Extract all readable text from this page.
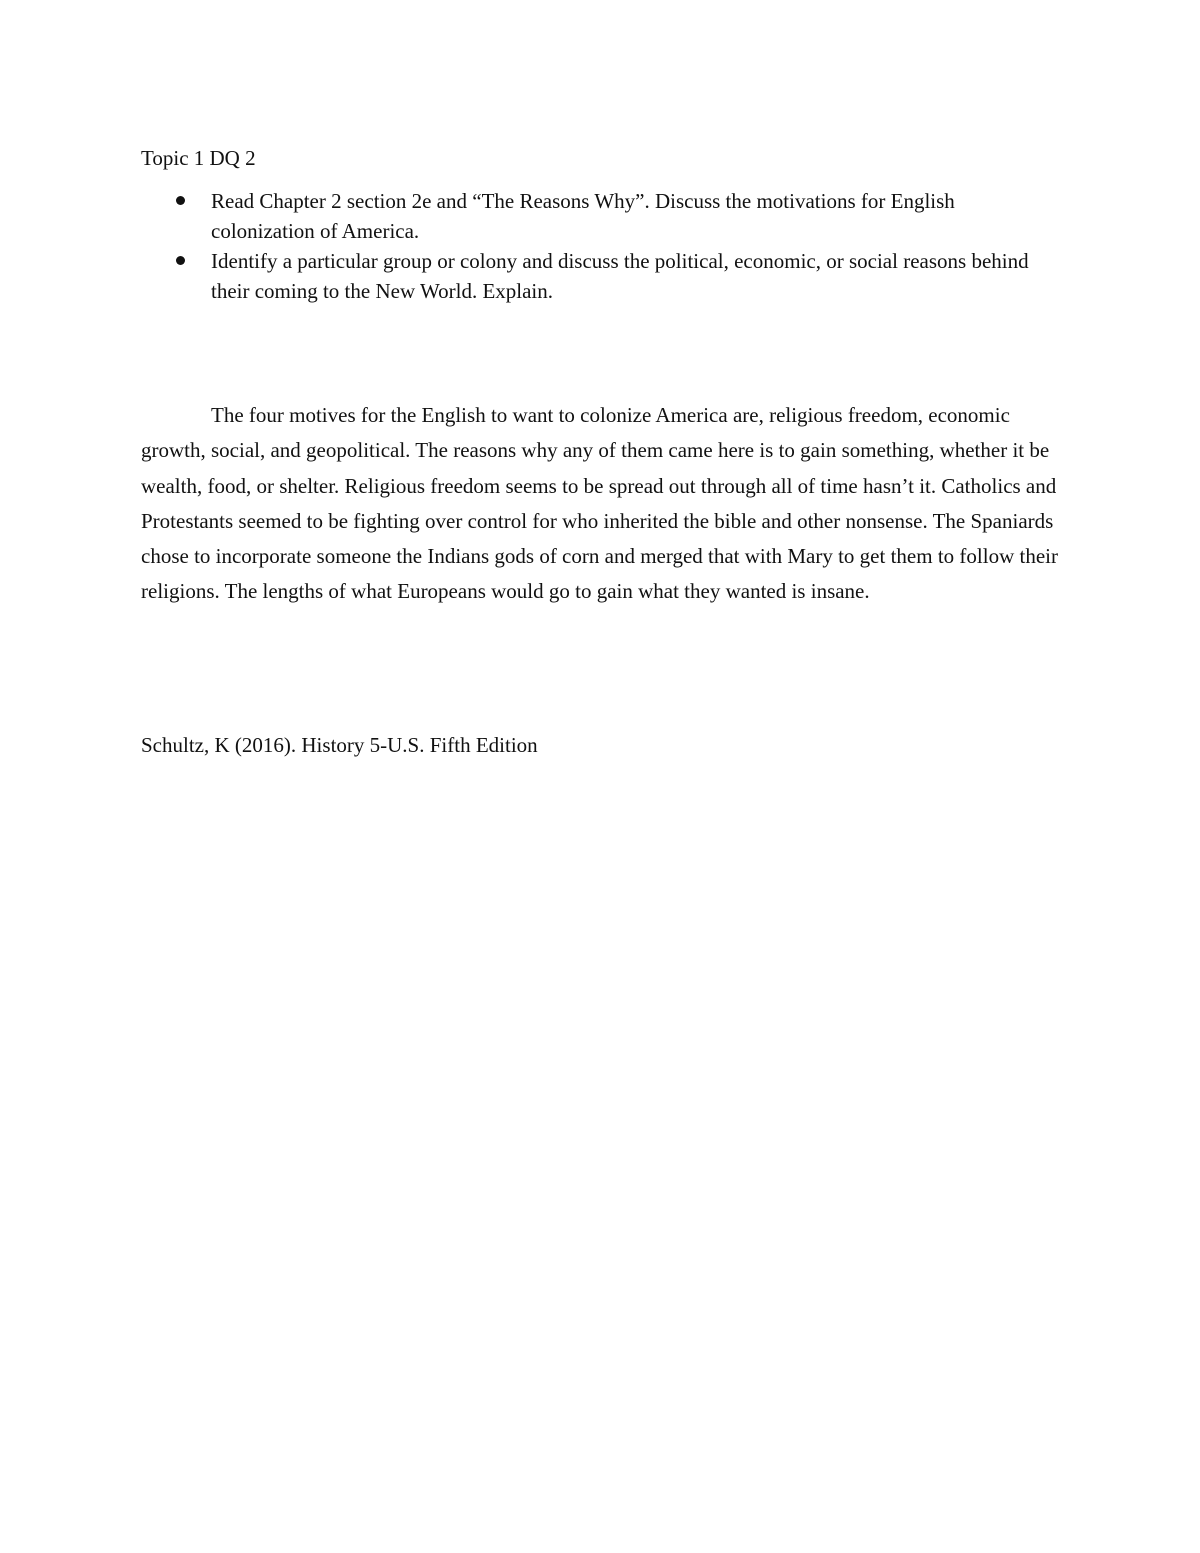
Topic 1 DQ 2
Read Chapter 2 section 2e and “The Reasons Why”. Discuss the motivations for English colonization of America.
Identify a particular group or colony and discuss the political, economic, or social reasons behind their coming to the New World. Explain.

The four motives for the English to want to colonize America are, religious freedom, economic growth, social, and geopolitical. The reasons why any of them came here is to gain something, whether it be wealth, food, or shelter. Religious freedom seems to be spread out through all of time hasn’t it. Catholics and Protestants seemed to be fighting over control for who inherited the bible and other nonsense. The Spaniards chose to incorporate someone the Indians gods of corn and merged that with Mary to get them to follow their religions. The lengths of what Europeans would go to gain what they wanted is insane.

Schultz, K (2016). History 5-U.S. Fifth Edition
